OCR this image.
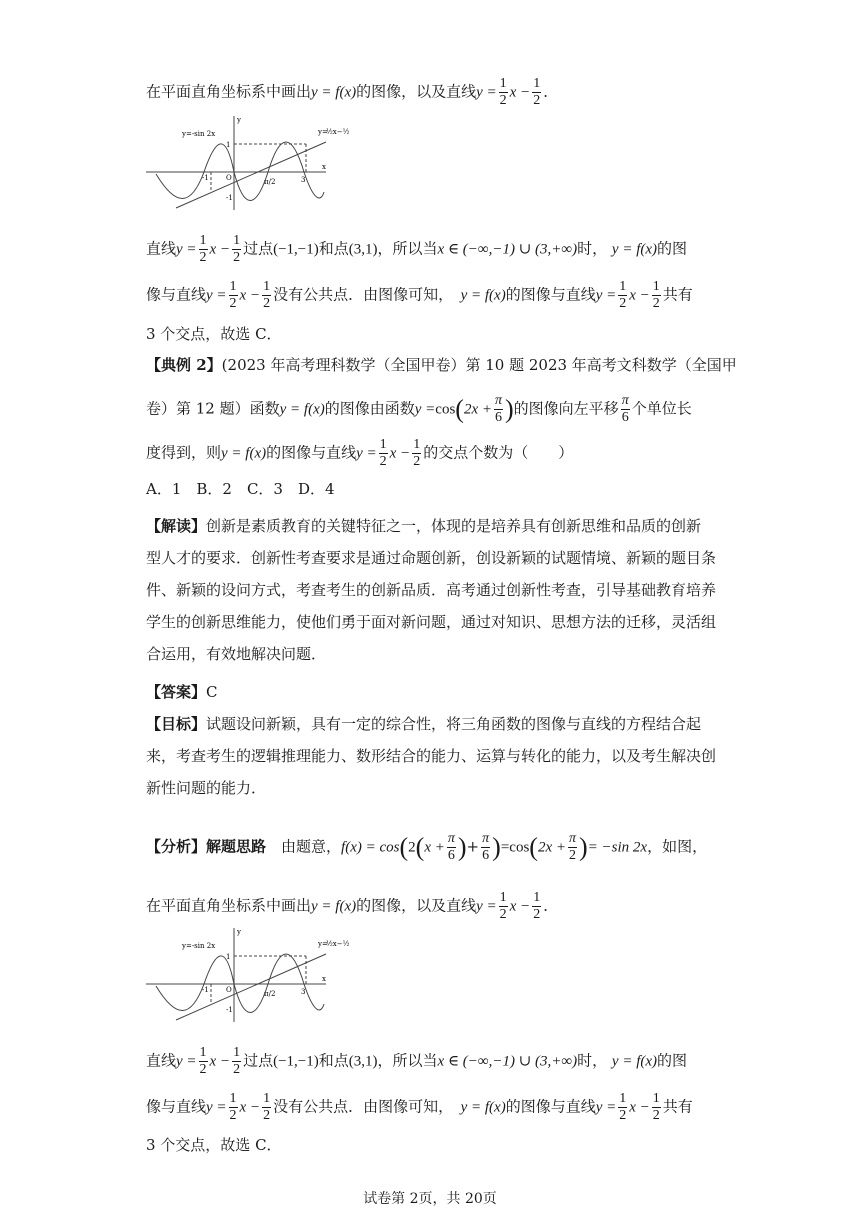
在平面直角坐标系中画出y = f(x)的图像，以及直线$y = \frac{1}{2}$ $x - \frac{1}{2}$ ．
y=-sin 2x	y=
½x−½
y
x
O
1
-1
-1
3
π/2
直线$y = \frac{1}{2}$ $x - \frac{1}{2}$ 过点(−1,−1)和点(3,1)，所以当x ∈ (−∞,−1) ∪ (3,+∞)时， y = f(x)的图
像与直线$y = \frac{1}{2}$ $x - \frac{1}{2}$ 没有公共点．由图像可知，　 y = f(x)的图像与直线$y = \frac{1}{2}$ $x - \frac{1}{2}$ 共有
3 个交点，故选 C．
【典例 2】(2023 年高考理科数学（全国甲卷）第 10 题 2023 年高考文科数学（全国甲
卷）第 12 题）函数y = f(x)的图像由函数$y =\cos(2x + \frac{\pi}{6}$ )的图像向左平移 $\frac{\pi}{6}$ 个单位长
度得到，则y = f(x)的图像与直线$y = \frac{1}{2}$ $x - \frac{1}{2}$ 的交点个数为（　　）
A．1　B．2　C．3　D．4
【解读】创新是素质教育的关键特征之一，体现的是培养具有创新思维和品质的创新型人才的要求．创新性考查要求是通过命题创新，创设新颖的试题情境、新颖的题目条件、新颖的设问方式，考查考生的创新品质．高考通过创新性考查，引导基础教育培养学生的创新思维能力，使他们勇于面对新问题，通过对知识、思想方法的迁移，灵活组合运用，有效地解决问题．
【答案】C
【目标】试题设问新颖，具有一定的综合性，将三角函数的图像与直线的方程结合起来，考查考生的逻辑推理能力、数形结合的能力、运算与转化的能力，以及考生解决创新性问题的能力．
【分析】解题思路　 由题意，$f(x) = \cos(2(x + \frac{\pi}{6}$ )+ $\frac{\pi}{6} )=\cos(2x + \frac{\pi}{2}$ )= −sin 2x，如图，
在平面直角坐标系中画出y = f(x)的图像，以及直线$y = \frac{1}{2}$ $x - \frac{1}{2}$ ．
y=-sin 2x	y=
½x−½
y
x
O
1
-1
-1
3
π/2
直线$y = \frac{1}{2}$ $x - \frac{1}{2}$ 过点(−1,−1)和点(3,1)，所以当x ∈ (−∞,−1) ∪ (3,+∞)时， y = f(x)的图
像与直线$y = \frac{1}{2}$ $x - \frac{1}{2}$ 没有公共点．由图像可知，　 y = f(x)的图像与直线$y = \frac{1}{2}$ $x - \frac{1}{2}$ 共有
3 个交点，故选 C．
试卷第 2页，共 20页
